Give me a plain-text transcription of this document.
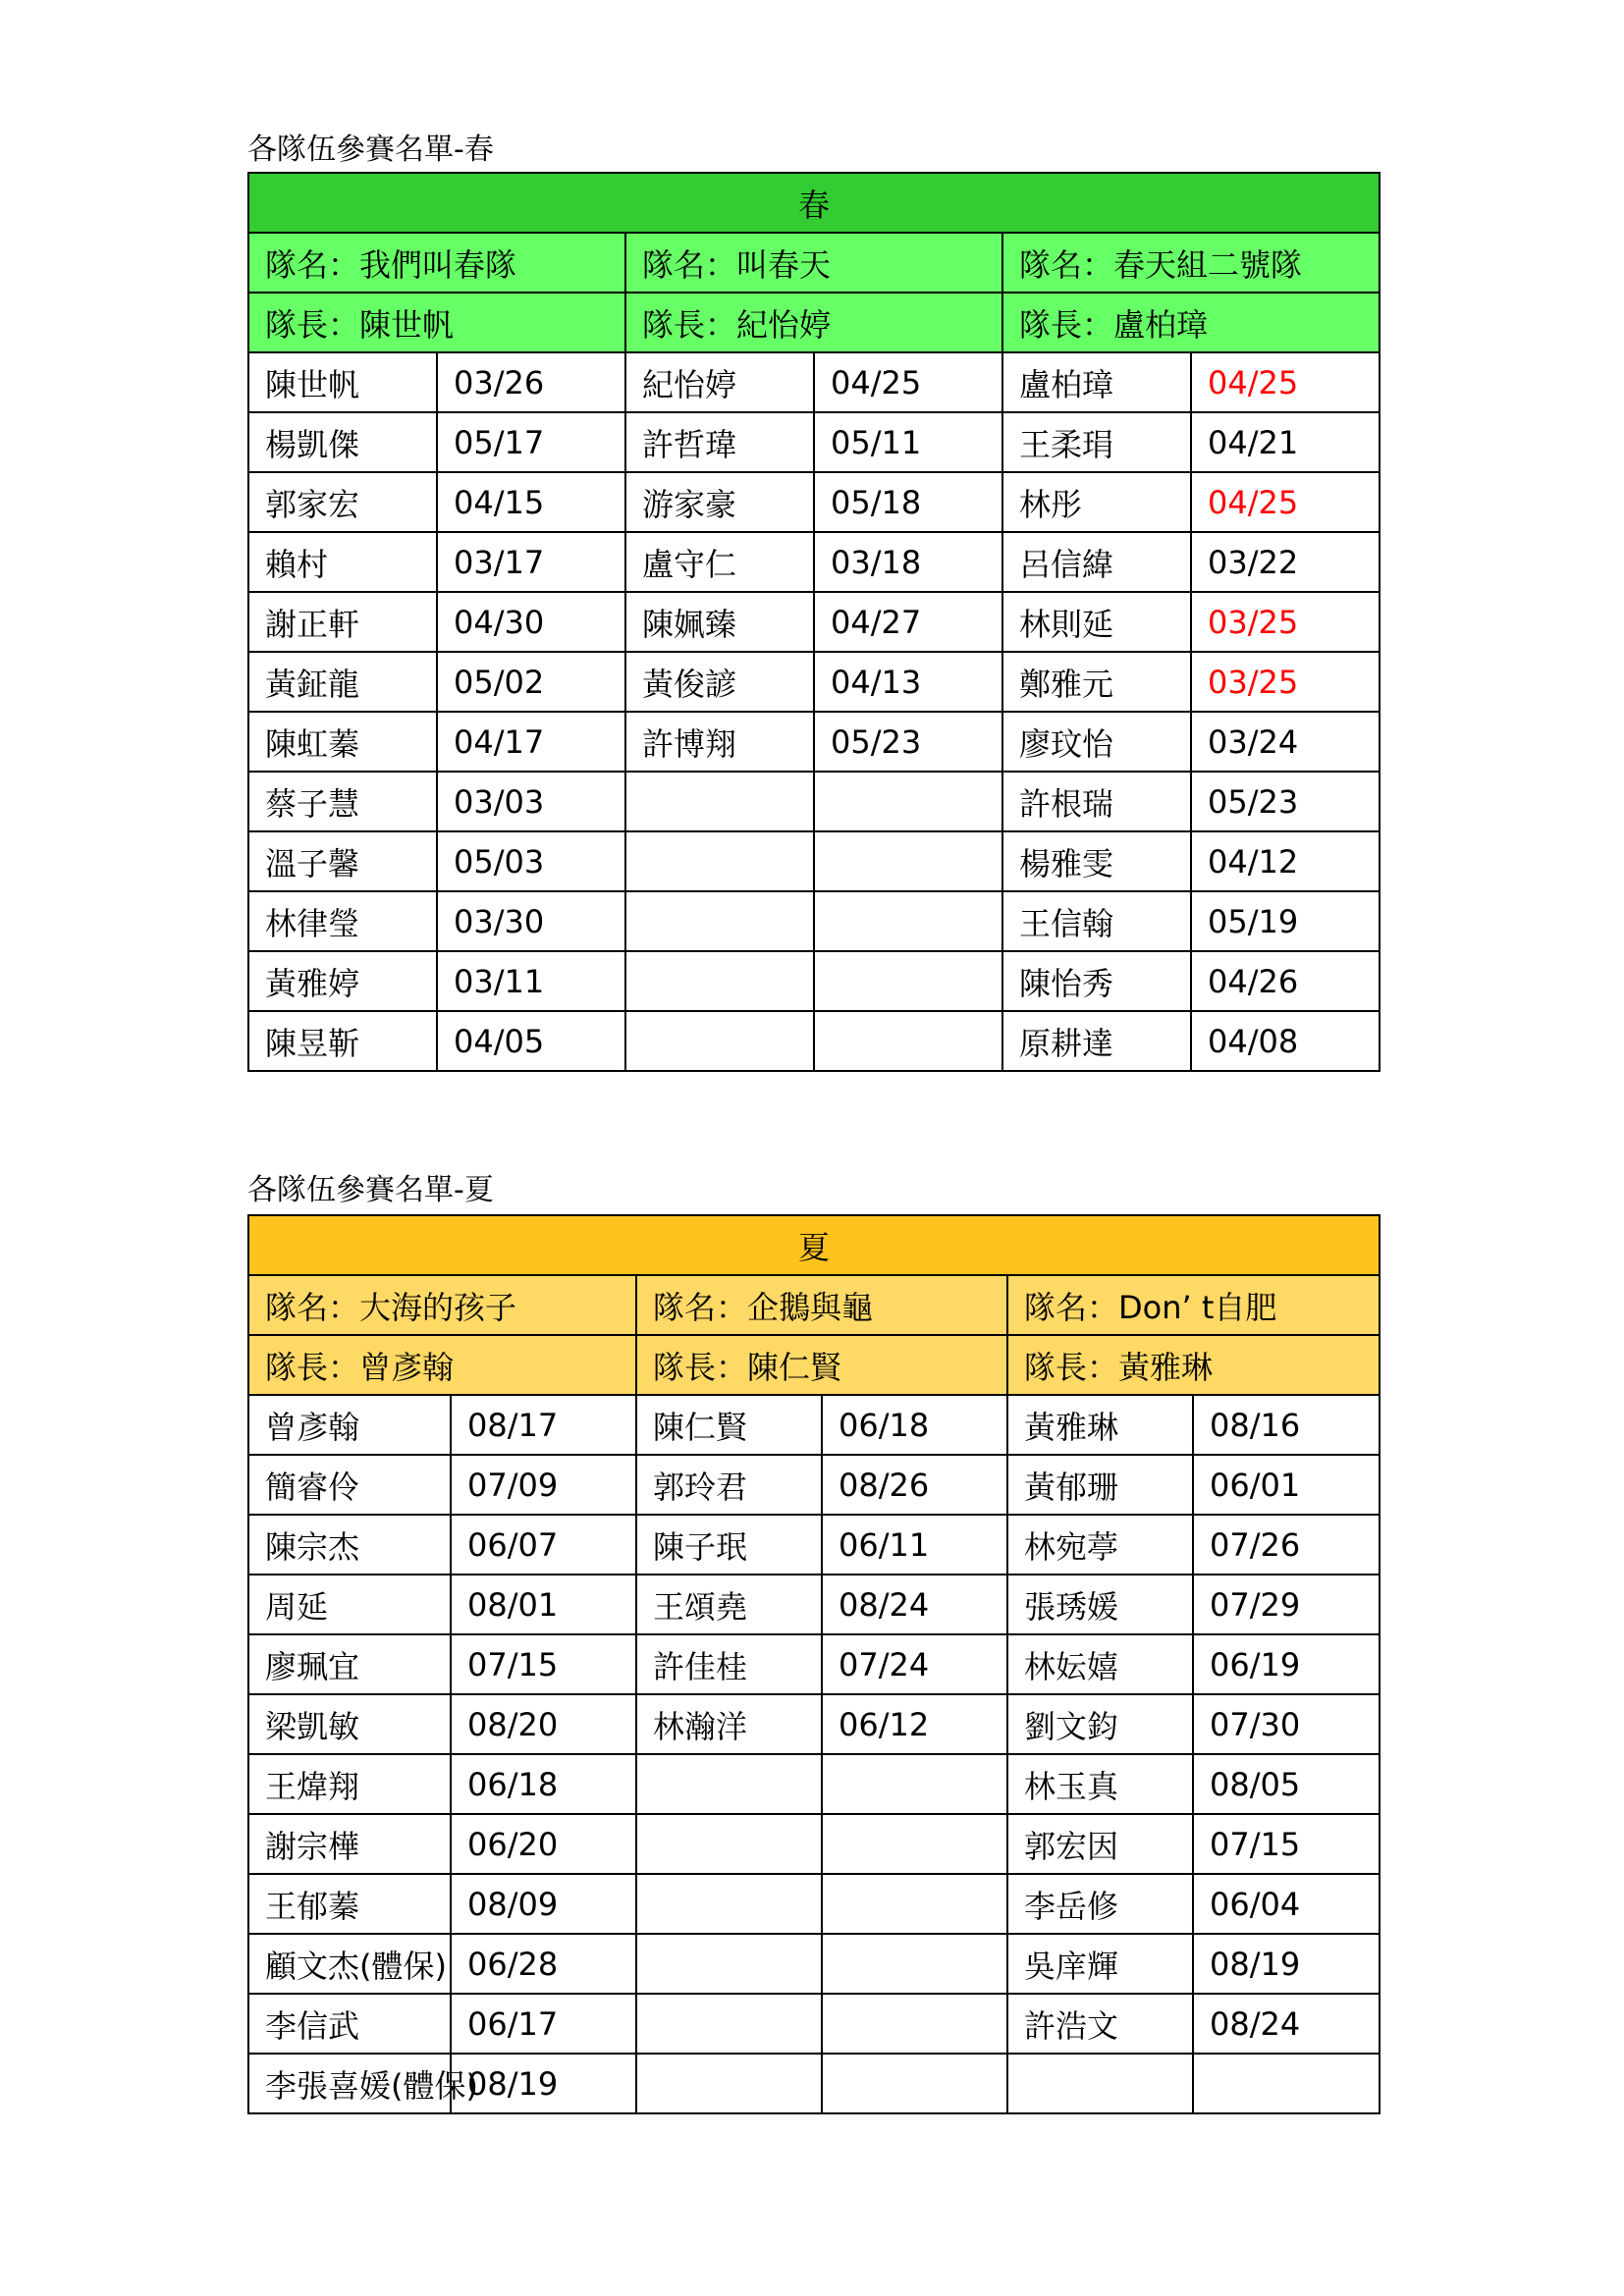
各隊伍參賽名單-春
春					
隊名：我們叫春隊		隊名：叫春天		隊名：春天組二號隊	
隊長：陳世帆		隊長：紀怡婷		隊長：盧柏璋	
陳世帆	03/26	紀怡婷	04/25	盧柏璋	04/25
楊凱傑	05/17	許哲瑋	05/11	王柔琄	04/21
郭家宏	04/15	游家豪	05/18	林彤	04/25
賴村	03/17	盧守仁	03/18	呂信緯	03/22
謝正軒	04/30	陳姵臻	04/27	林則延	03/25
黃鉦龍	05/02	黃俊諺	04/13	鄭雅元	03/25
陳虹蓁	04/17	許博翔	05/23	廖玟怡	03/24
蔡子慧	03/03			許根瑞	05/23
溫子馨	05/03			楊雅雯	04/12
林律瑩	03/30			王信翰	05/19
黃雅婷	03/11			陳怡秀	04/26
陳昱靳	04/05			原耕達	04/08
各隊伍參賽名單-夏
夏					
隊名：大海的孩子		隊名：企鵝與龜		隊名：Don’ t自肥	
隊長：曾彥翰		隊長：陳仁賢		隊長：黃雅琳	
曾彥翰	08/17	陳仁賢	06/18	黃雅琳	08/16
簡睿伶	07/09	郭玲君	08/26	黃郁珊	06/01
陳宗杰	06/07	陳子珉	06/11	林宛葶	07/26
周延	08/01	王頌堯	08/24	張琇媛	07/29
廖珮宜	07/15	許佳桂	07/24	林妘嬉	06/19
梁凱敏	08/20	林瀚洋	06/12	劉文鈞	07/30
王煒翔	06/18			林玉真	08/05
謝宗樺	06/20			郭宏因	07/15
王郁蓁	08/09			李岳修	06/04
顧文杰(體保)	06/28			吳庠輝	08/19
李信武	06/17			許浩文	08/24
李張喜媛(體保)	08/19				
